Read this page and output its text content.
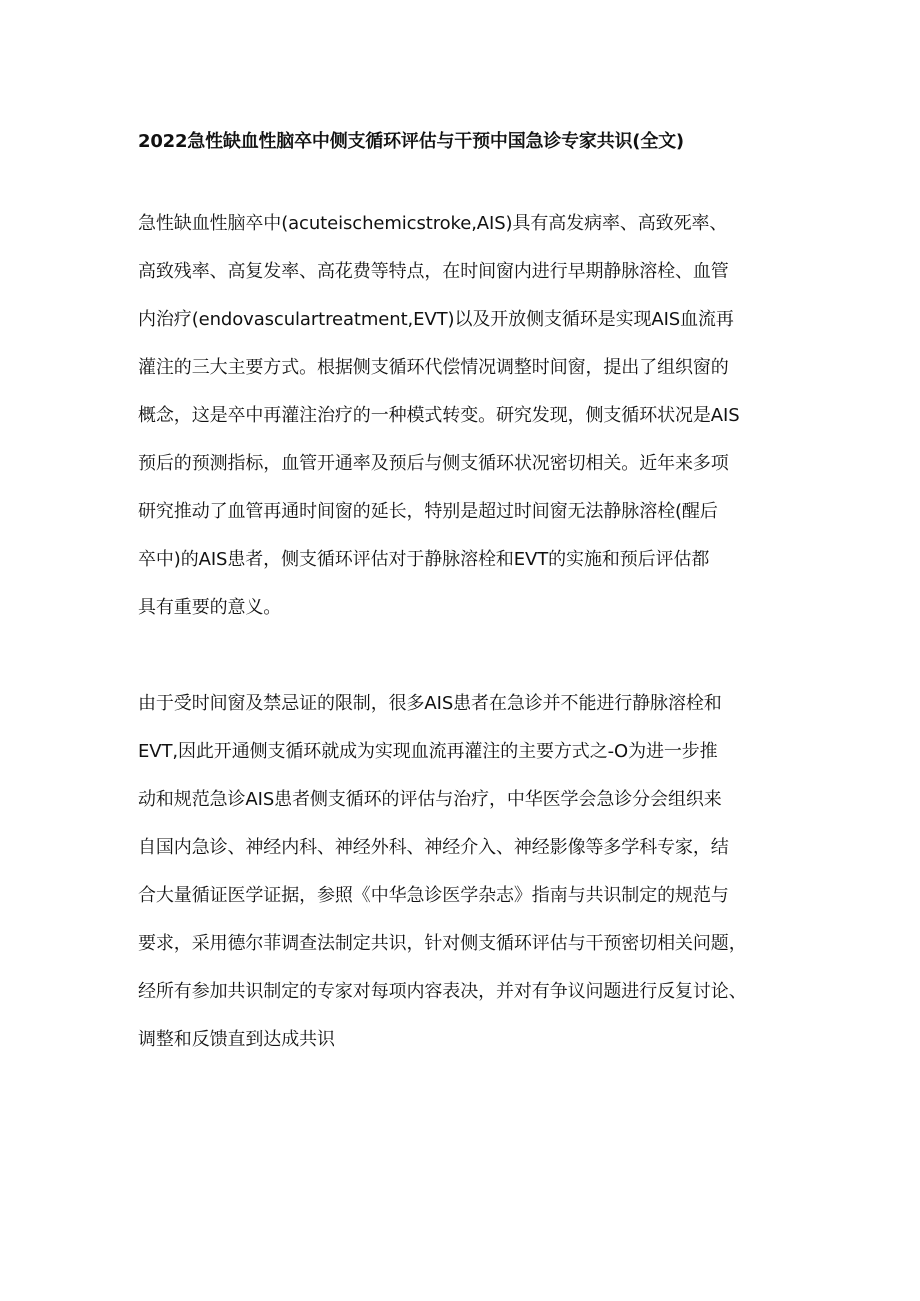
2022急性缺血性脑卒中侧支循环评估与干预中国急诊专家共识(全文)
急性缺血性脑卒中(acuteischemicstroke,AIS)具有高发病率、高致死率、
高致残率、高复发率、高花费等特点，在时间窗内进行早期静脉溶栓、血管
内治疗(endovasculartreatment,EVT)以及开放侧支循环是实现AIS血流再
灌注的三大主要方式。根据侧支循环代偿情况调整时间窗，提出了组织窗的
概念，这是卒中再灌注治疗的一种模式转变。研究发现，侧支循环状况是AIS
预后的预测指标，血管开通率及预后与侧支循环状况密切相关。近年来多项
研究推动了血管再通时间窗的延长，特别是超过时间窗无法静脉溶栓(醒后
卒中)的AIS患者，侧支循环评估对于静脉溶栓和EVT的实施和预后评估都
具有重要的意义。
由于受时间窗及禁忌证的限制，很多AIS患者在急诊并不能进行静脉溶栓和
EVT,因此开通侧支循环就成为实现血流再灌注的主要方式之-O为进一步推
动和规范急诊AIS患者侧支循环的评估与治疗，中华医学会急诊分会组织来
自国内急诊、神经内科、神经外科、神经介入、神经影像等多学科专家，结
合大量循证医学证据，参照《中华急诊医学杂志》指南与共识制定的规范与
要求，采用德尔菲调查法制定共识，针对侧支循环评估与干预密切相关问题，
经所有参加共识制定的专家对每项内容表决，并对有争议问题进行反复讨论、
调整和反馈直到达成共识
